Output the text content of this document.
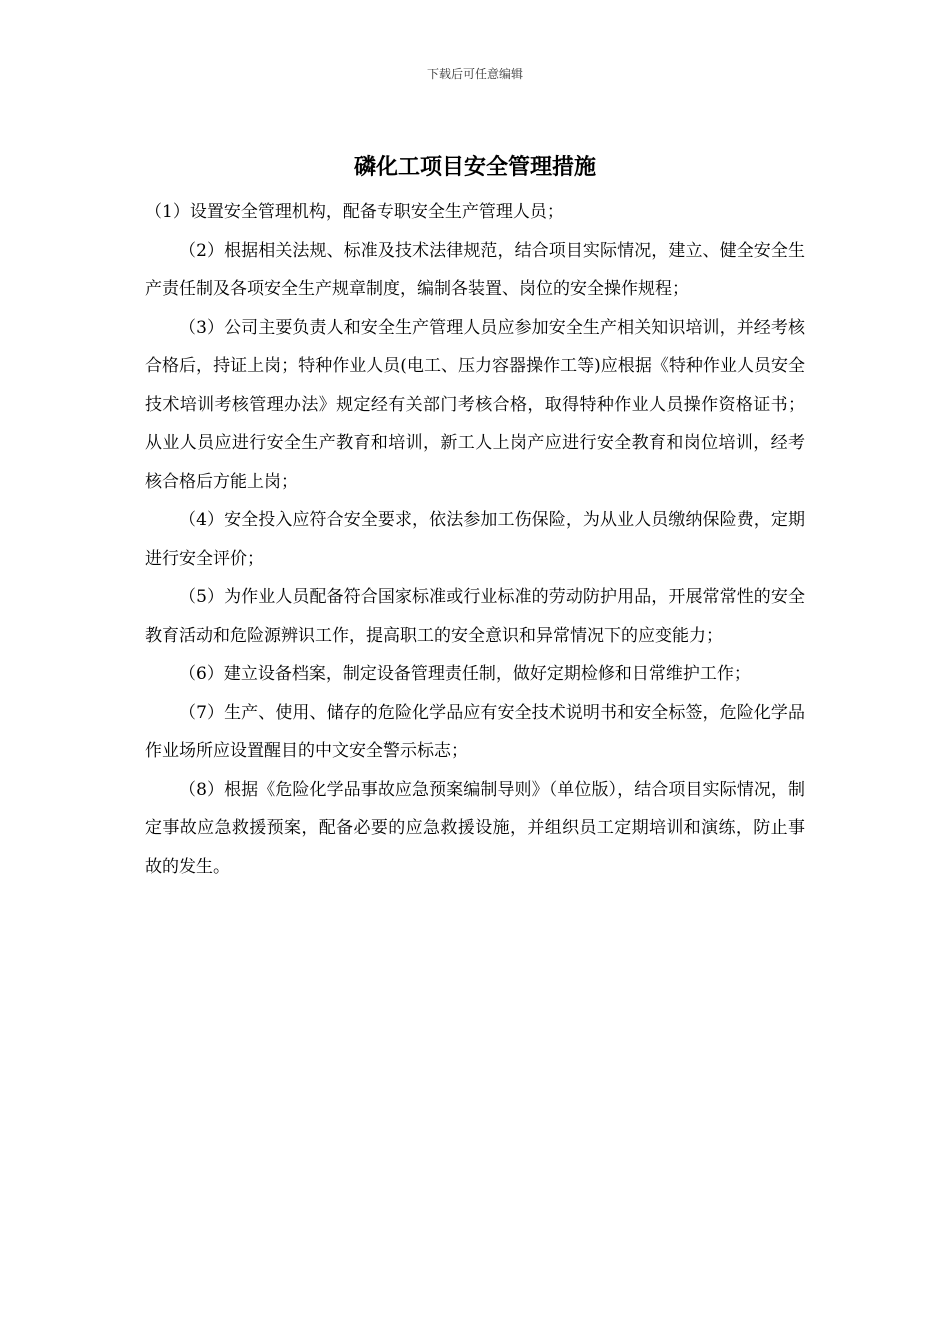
下载后可任意编辑
磷化工项目安全管理措施

（1）设置安全管理机构，配备专职安全生产管理人员；

（2）根据相关法规、标准及技术法律规范，结合项目实际情况，建立、健全安全生产责任制及各项安全生产规章制度，编制各装置、岗位的安全操作规程；

（3）公司主要负责人和安全生产管理人员应参加安全生产相关知识培训，并经考核合格后，持证上岗；特种作业人员(电工、压力容器操作工等)应根据《特种作业人员安全技术培训考核管理办法》规定经有关部门考核合格，取得特种作业人员操作资格证书；从业人员应进行安全生产教育和培训，新工人上岗产应进行安全教育和岗位培训，经考核合格后方能上岗；

（4）安全投入应符合安全要求，依法参加工伤保险，为从业人员缴纳保险费，定期进行安全评价；

（5）为作业人员配备符合国家标准或行业标准的劳动防护用品，开展常常性的安全教育活动和危险源辨识工作，提高职工的安全意识和异常情况下的应变能力；

（6）建立设备档案，制定设备管理责任制，做好定期检修和日常维护工作；

（7）生产、使用、储存的危险化学品应有安全技术说明书和安全标签，危险化学品作业场所应设置醒目的中文安全警示标志；

（8）根据《危险化学品事故应急预案编制导则》（单位版），结合项目实际情况，制定事故应急救援预案，配备必要的应急救援设施，并组织员工定期培训和演练，防止事故的发生。
